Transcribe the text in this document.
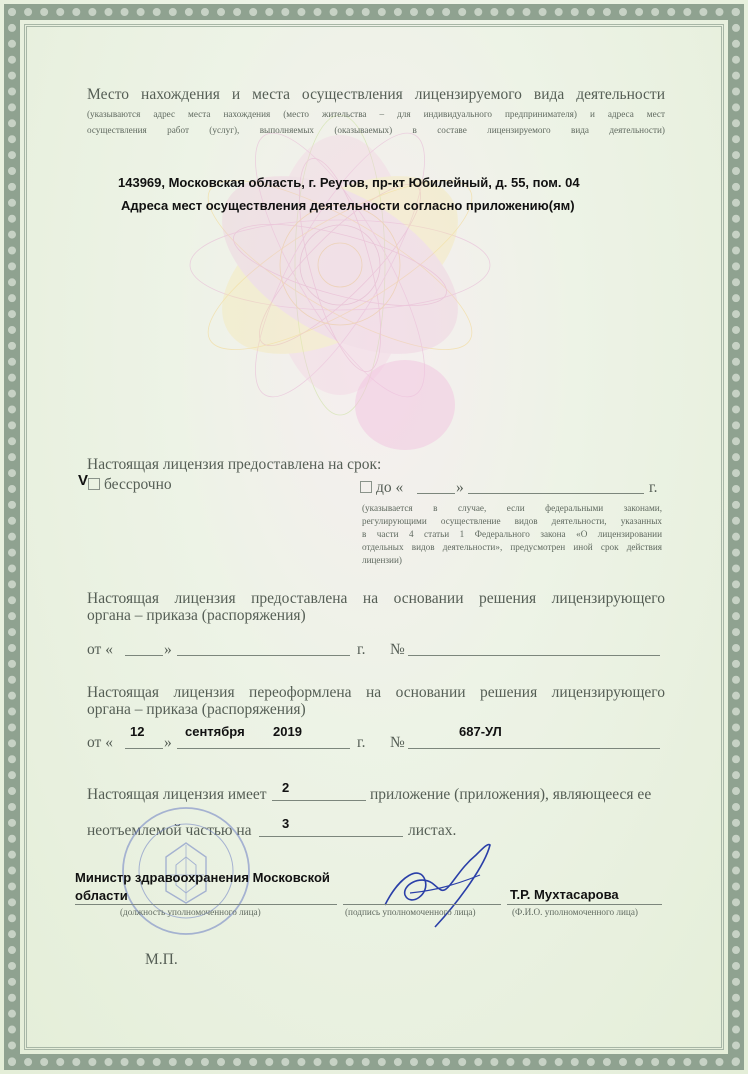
Место нахождения и места осуществления лицензируемого вида деятельности
(указываются адрес места нахождения (место жительства – для индивидуального предпринимателя) и адреса мест
осуществления работ (услуг), выполняемых (оказываемых) в составе лицензируемого вида деятельности)
143969, Московская область, г. Реутов, пр-кт Юбилейный, д. 55, пом. 04
Адреса мест осуществления деятельности согласно приложению(ям)
Настоящая лицензия предоставлена на срок:
V	бессрочно	до «	»	г.
(указывается в случае, если федеральными законами,
регулирующими осуществление видов деятельности, указанных
в части 4 статьи 1 Федерального закона «О лицензировании
отдельных видов деятельности», предусмотрен иной срок действия
лицензии)
Настоящая лицензия предоставлена на основании решения лицензирующего
органа – приказа (распоряжения)
от «	»	г. №
Настоящая лицензия переоформлена на основании решения лицензирующего
органа – приказа (распоряжения)
от «
12
»
сентября 2019
г. №
687-УЛ
Настоящая лицензия имеет 2	приложение (приложения), являющееся ее
неотъемлемой частью на 3	листах.
Министр здравоохранения Московской
области	Т.Р. Мухтасарова
(должность уполномоченного лица)	(подпись уполномоченного лица)	(Ф.И.О. уполномоченного лица)
М.П.
